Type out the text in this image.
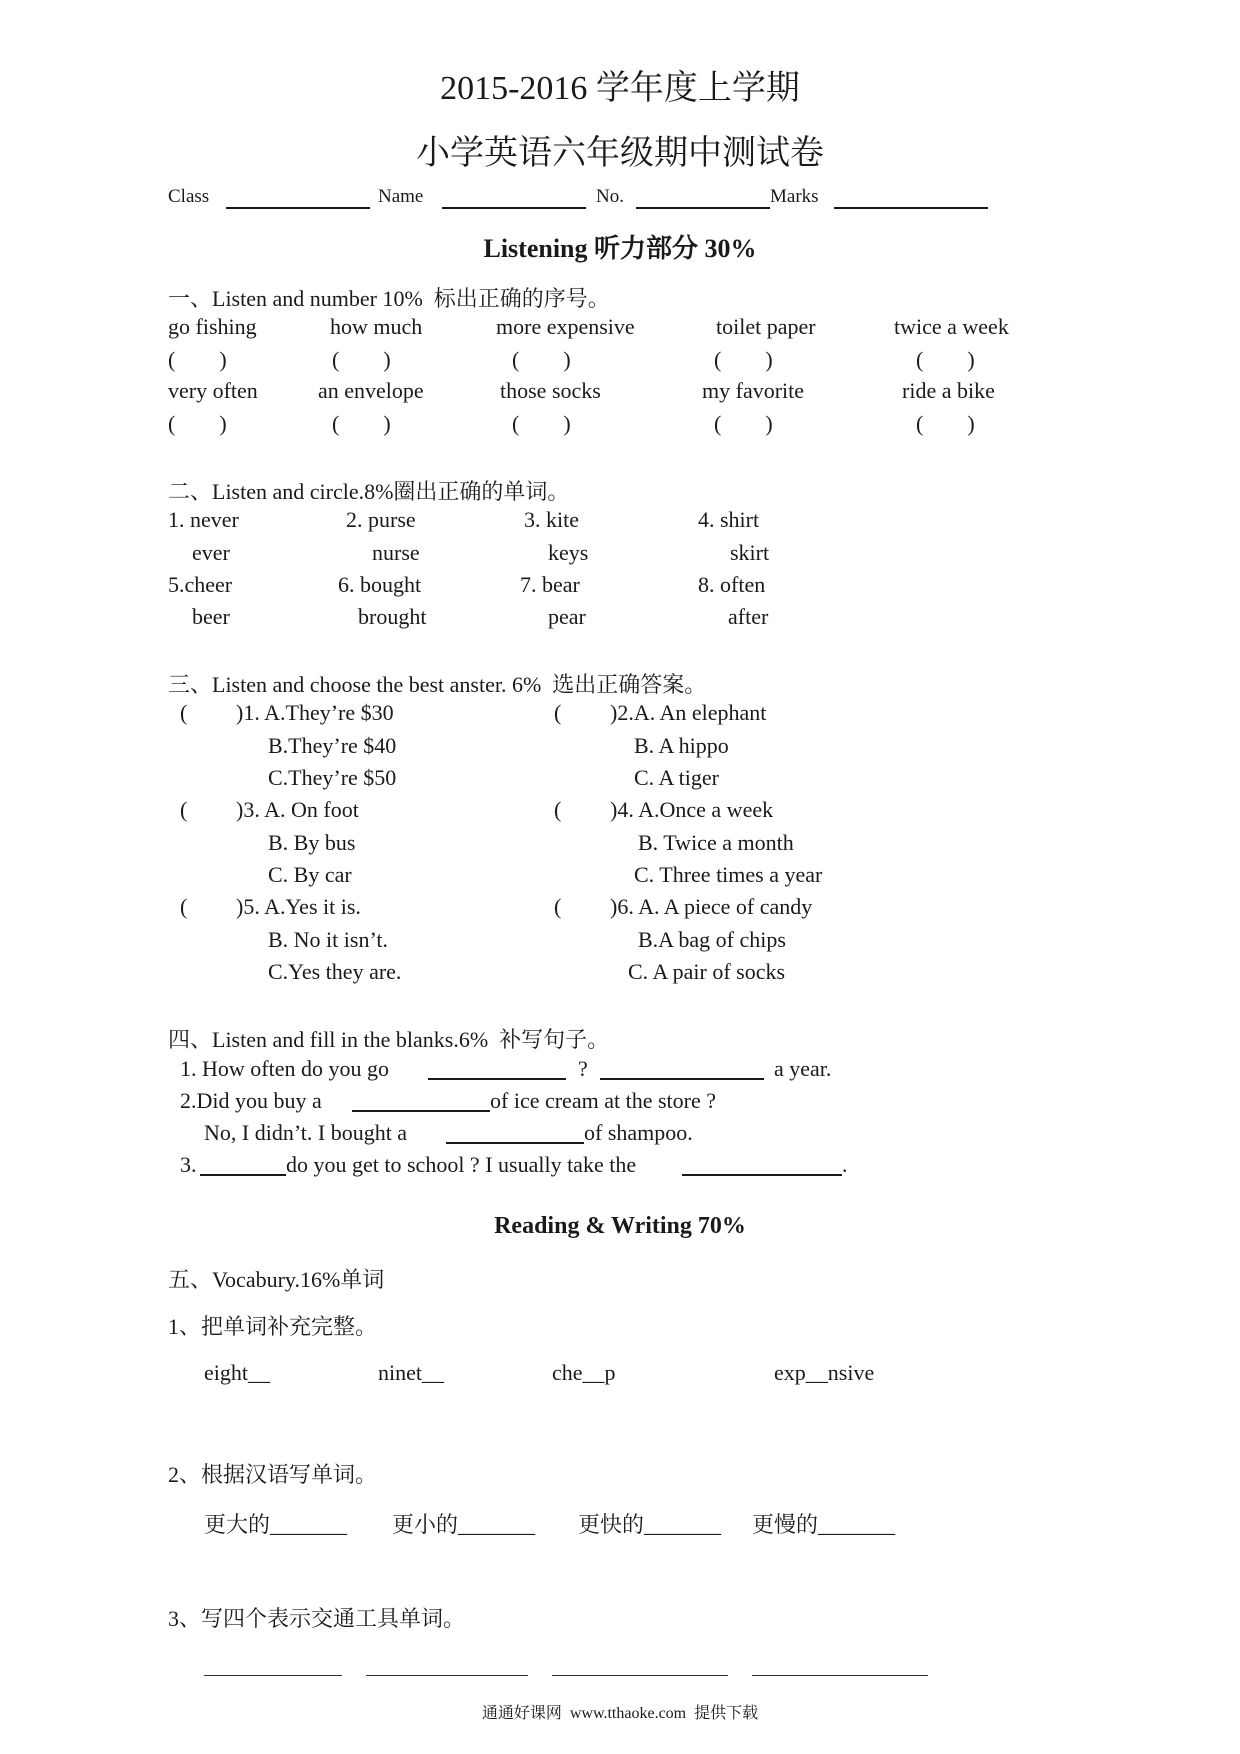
2015-2016 学年度上学期
小学英语六年级期中测试卷
Class	Name	No.	Marks
Listening 听力部分 30%
一、Listen and number 10%  标出正确的序号。
go fishing	how much	more expensive	toilet paper	twice a week
(        )	(        )	(        )	(        )	(        )
very often	an envelope	those socks	my favorite	ride a bike
(        )	(        )	(        )	(        )	(        )
二、Listen and circle.8%圈出正确的单词。
1. never	2. purse	3. kite	4. shirt
ever	nurse	keys	skirt
5.cheer	6. bought	7. bear	8. often
beer	brought	pear	after
三、Listen and choose the best anster. 6%  选出正确答案。
( )1. A.They’re $30
B.They’re $40
C.They’re $50
( )2.A. An elephant
B. A hippo
C. A tiger
( )3. A. On foot
B. By bus
C. By car
( )4. A.Once a week
B. Twice a month
C. Three times a year
( )5. A.Yes it is.
B. No it isn’t.
C.Yes they are.
( )6. A. A piece of candy
B.A bag of chips
C. A pair of socks
四、Listen and fill in the blanks.6%  补写句子。
1. How often do you go	?	a year.
2.Did you buy a	of ice cream at the store ?
No, I didn’t. I bought a	of shampoo.
3.	do you get to school ? I usually take the	.
Reading & Writing 70%
五、Vocabury.16%单词
1、把单词补充完整。
eight__	ninet__	che__p	exp__nsive
2、根据汉语写单词。
更大的_______ 更小的_______ 更快的_______ 更慢的_______
3、写四个表示交通工具单词。
通通好课网  www.tthaoke.com  提供下载
